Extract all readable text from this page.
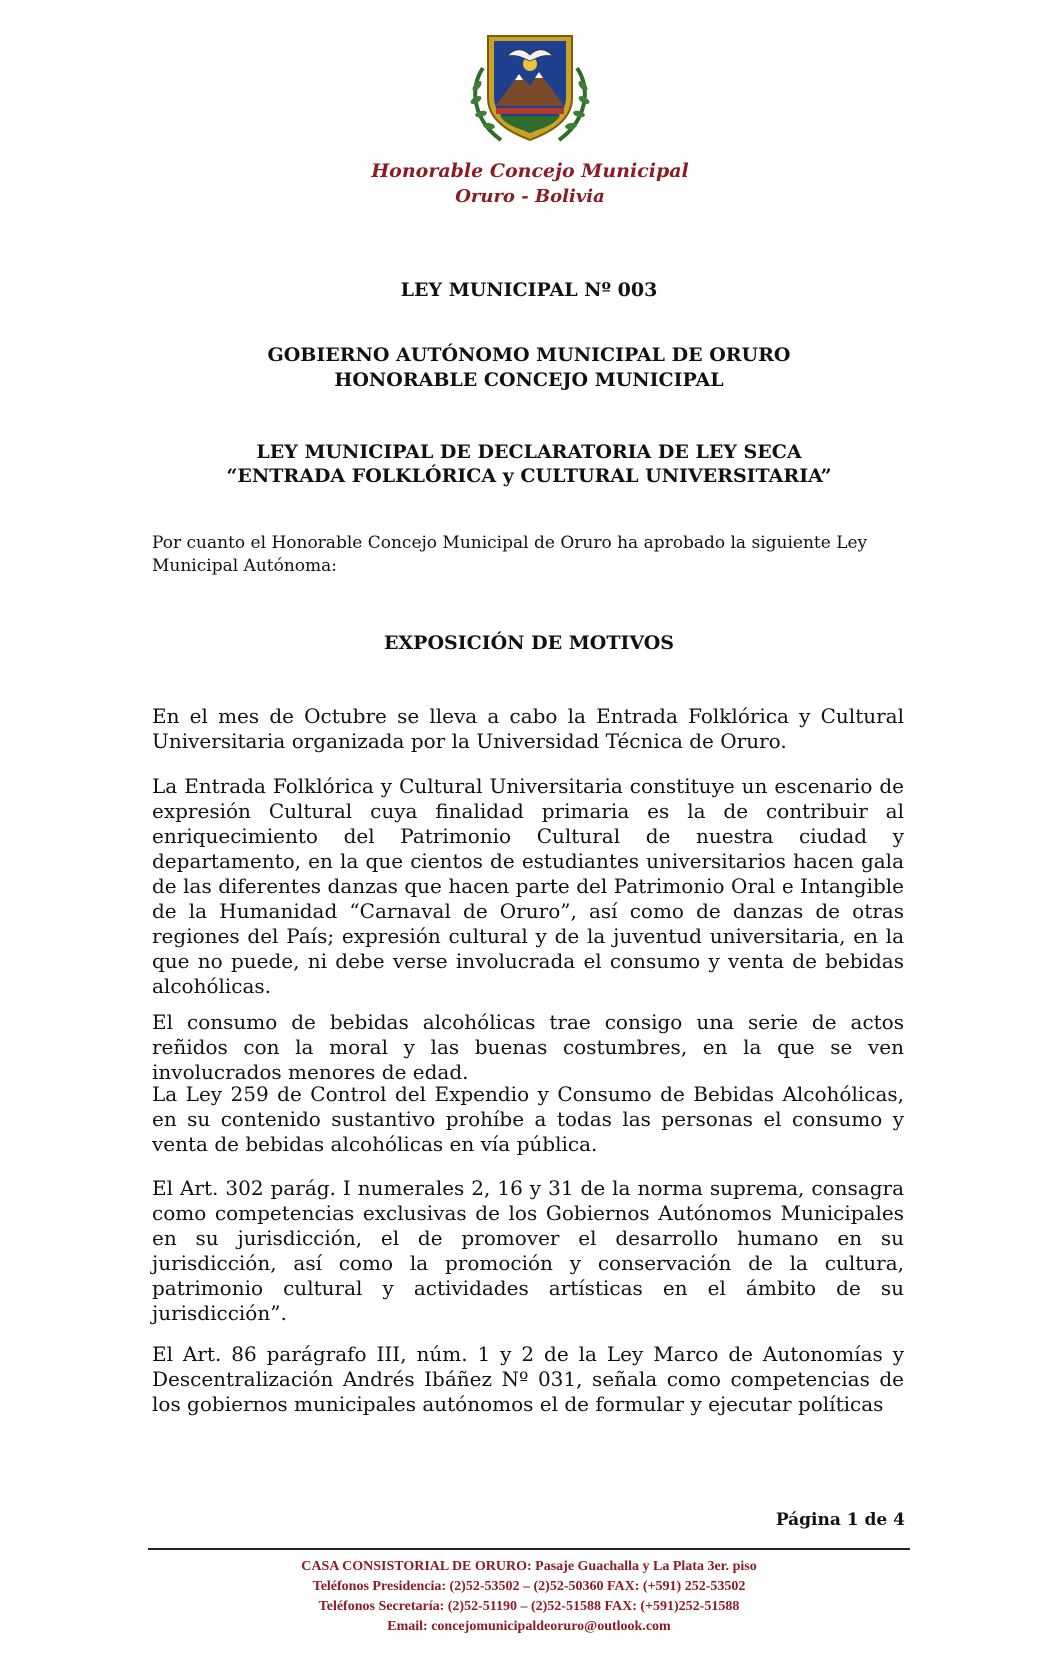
Honorable Concejo Municipal
Oruro - Bolivia
LEY MUNICIPAL Nº 003
GOBIERNO AUTÓNOMO MUNICIPAL DE ORURO
HONORABLE CONCEJO MUNICIPAL
LEY MUNICIPAL DE DECLARATORIA DE LEY SECA
“ENTRADA FOLKLÓRICA y CULTURAL UNIVERSITARIA”

Por cuanto el Honorable Concejo Municipal de Oruro ha aprobado la siguiente Ley Municipal Autónoma:

EXPOSICIÓN DE MOTIVOS

En el mes de Octubre se lleva a cabo la Entrada Folklórica y Cultural Universitaria organizada por la Universidad Técnica de Oruro.

La Entrada Folklórica y Cultural Universitaria constituye un escenario de expresión Cultural cuya finalidad primaria es la de contribuir al enriquecimiento del Patrimonio Cultural de nuestra ciudad y departamento, en la que cientos de estudiantes universitarios hacen gala de las diferentes danzas que hacen parte del Patrimonio Oral e Intangible de la Humanidad “Carnaval de Oruro”, así como de danzas de otras regiones del País; expresión cultural y de la juventud universitaria, en la que no puede, ni debe verse involucrada el consumo y venta de bebidas alcohólicas.

El consumo de bebidas alcohólicas trae consigo una serie de actos reñidos con la moral y las buenas costumbres, en la que se ven involucrados menores de edad.

La Ley 259 de Control del Expendio y Consumo de Bebidas Alcohólicas, en su contenido sustantivo prohíbe a todas las personas el consumo y venta de bebidas alcohólicas en vía pública.

El Art. 302 parág. I numerales 2, 16 y 31 de la norma suprema, consagra como competencias exclusivas de los Gobiernos Autónomos Municipales en su jurisdicción, el de promover el desarrollo humano en su jurisdicción, así como la promoción y conservación de la cultura, patrimonio cultural y actividades artísticas en el ámbito de su jurisdicción”.

El Art. 86 parágrafo III, núm. 1 y 2 de la Ley Marco de Autonomías y Descentralización Andrés Ibáñez Nº 031, señala como competencias de los gobiernos municipales autónomos el de formular y ejecutar políticas

Página 1 de 4
CASA CONSISTORIAL DE ORURO: Pasaje Guachalla y La Plata 3er. piso
Teléfonos Presidencia: (2)52-53502 – (2)52-50360 FAX: (+591) 252-53502
Teléfonos Secretaría: (2)52-51190 – (2)52-51588 FAX: (+591)252-51588
Email: concejomunicipaldeoruro@outlook.com
